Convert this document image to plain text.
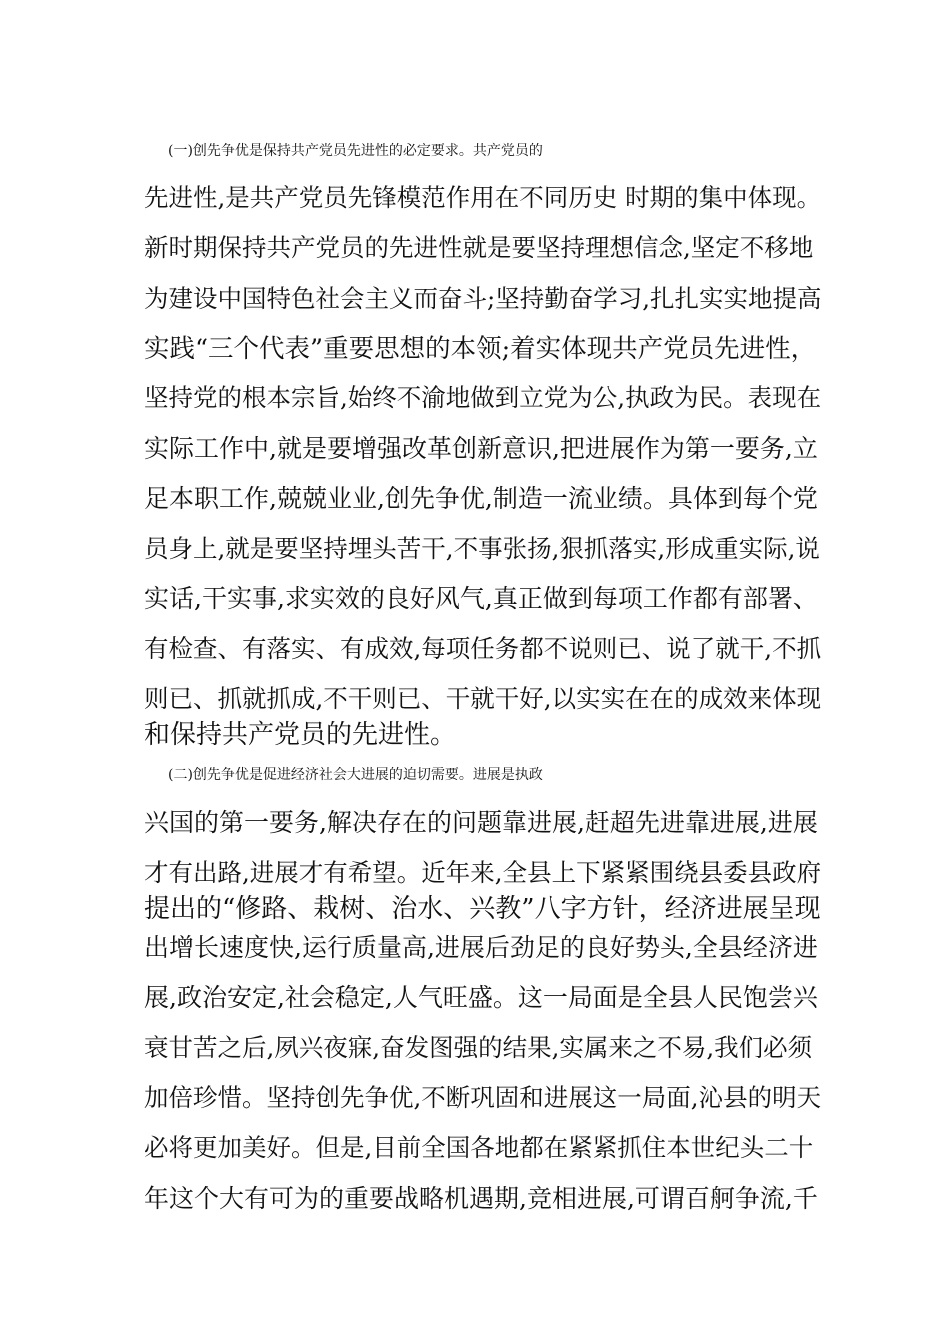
(一)创先争优是保持共产党员先进性的必定要求。共产党员的
先进性,是共产党员先锋模范作用在不同历史 时期的集中体现。
新时期保持共产党员的先进性就是要坚持理想信念,坚定不移地
为建设中国特色社会主义而奋斗;坚持勤奋学习,扎扎实实地提高
实践“三个代表”重要思想的本领;着实体现共产党员先进性，
坚持党的根本宗旨,始终不渝地做到立党为公,执政为民。表现在
实际工作中,就是要增强改革创新意识,把进展作为第一要务,立
足本职工作,兢兢业业,创先争优,制造一流业绩。具体到每个党
员身上,就是要坚持埋头苦干,不事张扬,狠抓落实,形成重实际,说
实话,干实事,求实效的良好风气,真正做到每项工作都有部署、
有检查、有落实、有成效,每项任务都不说则已、说了就干,不抓
则已、抓就抓成,不干则已、干就干好,以实实在在的成效来体现
和保持共产党员的先进性。
(二)创先争优是促进经济社会大进展的迫切需要。进展是执政
兴国的第一要务,解决存在的问题靠进展,赶超先进靠进展,进展
才有出路,进展才有希望。近年来,全县上下紧紧围绕县委县政府
提出的“修路、栽树、治水、兴教”八字方针，经济进展呈现
出增长速度快,运行质量高,进展后劲足的良好势头,全县经济进
展,政治安定,社会稳定,人气旺盛。这一局面是全县人民饱尝兴
衰甘苦之后,夙兴夜寐,奋发图强的结果,实属来之不易,我们必须
加倍珍惜。坚持创先争优,不断巩固和进展这一局面,沁县的明天
必将更加美好。但是,目前全国各地都在紧紧抓住本世纪头二十
年这个大有可为的重要战略机遇期,竞相进展,可谓百舸争流,千
